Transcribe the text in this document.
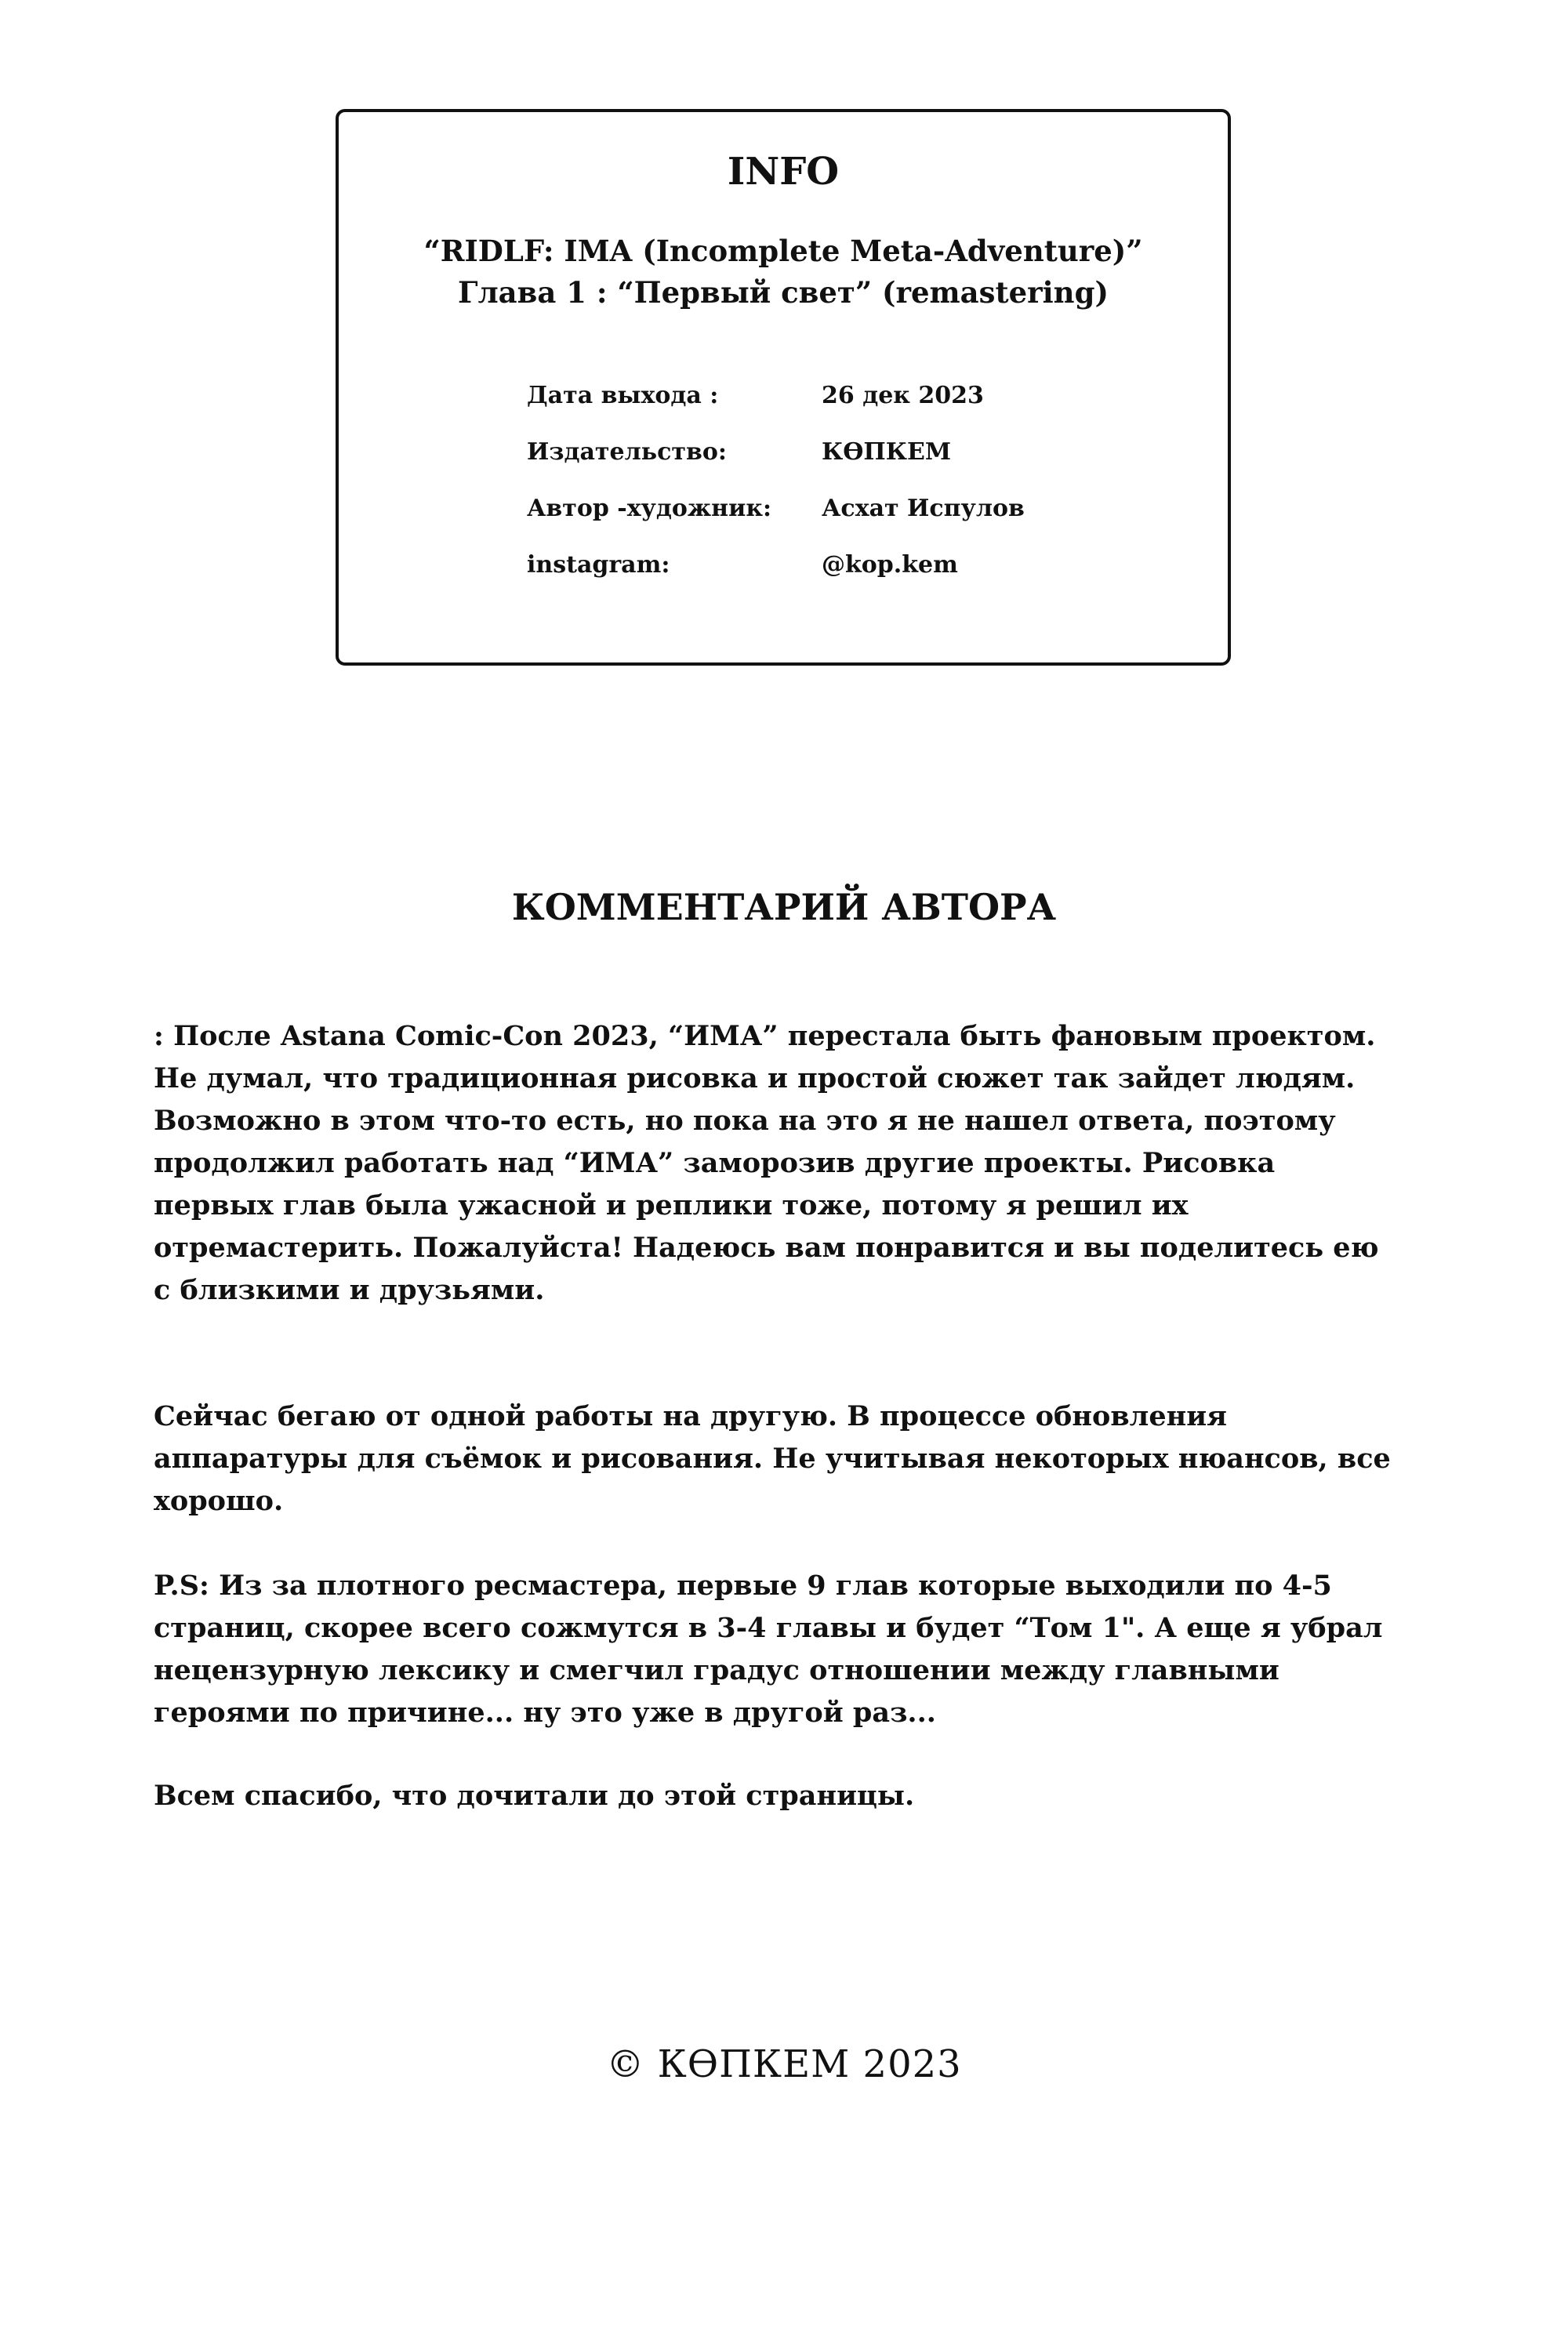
INFO

“RIDLF: IMA (Incomplete Meta-Adventure)”

Глава 1 : “Первый свет” (remastering)

Дата выхода :	26 дек 2023
Издательство:	КӨПКЕМ
Автор -художник: Асхат Испулов
instagram:	@kop.kem
КОММЕНТАРИЙ АВТОРА

: После Astana Comic-Con 2023, “ИМА” перестала быть фановым проектом.
Не думал, что традиционная рисовка и простой сюжет так зайдет людям.
Возможно в этом что-то есть, но пока на это я не нашел ответа, поэтому
продолжил работать над “ИМА” заморозив другие проекты. Рисовка
первых глав была ужасной и реплики тоже, потому я решил их
отремастерить. Пожалуйста! Надеюсь вам понравится и вы поделитесь ею
с близкими и друзьями.

Сейчас бегаю от одной работы на другую. В процессе обновления
аппаратуры для съёмок и рисования. Не учитывая некоторых нюансов, все
хорошо.

P.S: Из за плотного ресмастера, первые 9 глав которые выходили по 4-5
страниц, скорее всего сожмутся в 3-4 главы и будет “Том 1". А еще я убрал
нецензурную лексику и смегчил градус отношении между главными
героями по причине... ну это уже в другой раз...

Всем спасибо, что дочитали до этой страницы.

© КӨПКЕМ 2023
